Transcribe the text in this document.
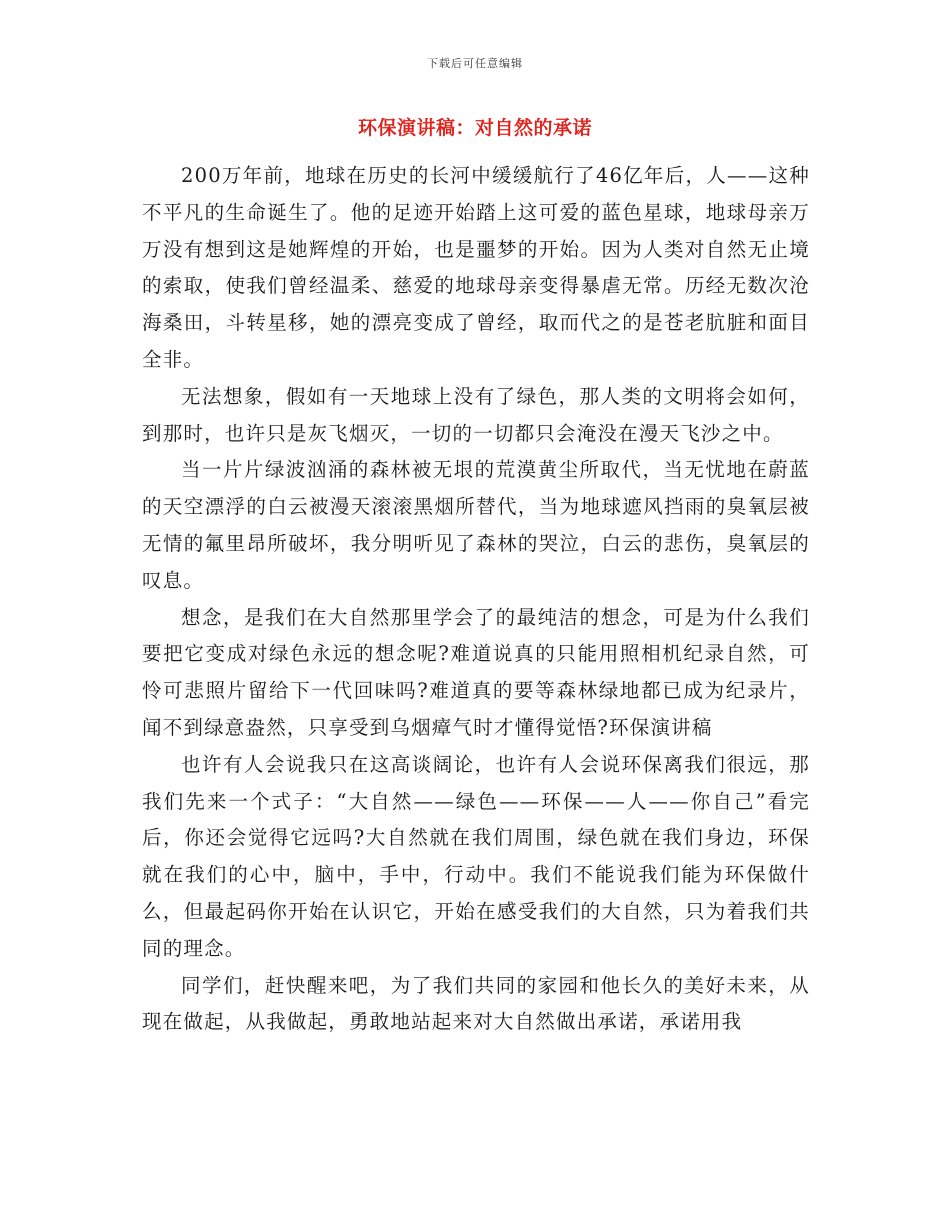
下载后可任意编辑
环保演讲稿：对自然的承诺

200万年前，地球在历史的长河中缓缓航行了46亿年后，人——这种不平凡的生命诞生了。他的足迹开始踏上这可爱的蓝色星球，地球母亲万万没有想到这是她辉煌的开始，也是噩梦的开始。因为人类对自然无止境的索取，使我们曾经温柔、慈爱的地球母亲变得暴虐无常。历经无数次沧海桑田，斗转星移，她的漂亮变成了曾经，取而代之的是苍老肮脏和面目全非。

无法想象，假如有一天地球上没有了绿色，那人类的文明将会如何，到那时，也许只是灰飞烟灭，一切的一切都只会淹没在漫天飞沙之中。

当一片片绿波汹涌的森林被无垠的荒漠黄尘所取代，当无忧地在蔚蓝的天空漂浮的白云被漫天滚滚黑烟所替代，当为地球遮风挡雨的臭氧层被无情的氟里昂所破坏，我分明听见了森林的哭泣，白云的悲伤，臭氧层的叹息。

想念，是我们在大自然那里学会了的最纯洁的想念，可是为什么我们要把它变成对绿色永远的想念呢?难道说真的只能用照相机纪录自然，可怜可悲照片留给下一代回味吗?难道真的要等森林绿地都已成为纪录片，闻不到绿意盎然，只享受到乌烟瘴气时才懂得觉悟?环保演讲稿

也许有人会说我只在这高谈阔论，也许有人会说环保离我们很远，那我们先来一个式子：“大自然——绿色——环保——人——你自己”看完后，你还会觉得它远吗?大自然就在我们周围，绿色就在我们身边，环保就在我们的心中，脑中，手中，行动中。我们不能说我们能为环保做什么，但最起码你开始在认识它，开始在感受我们的大自然，只为着我们共同的理念。

同学们，赶快醒来吧，为了我们共同的家园和他长久的美好未来，从现在做起，从我做起，勇敢地站起来对大自然做出承诺，承诺用我
